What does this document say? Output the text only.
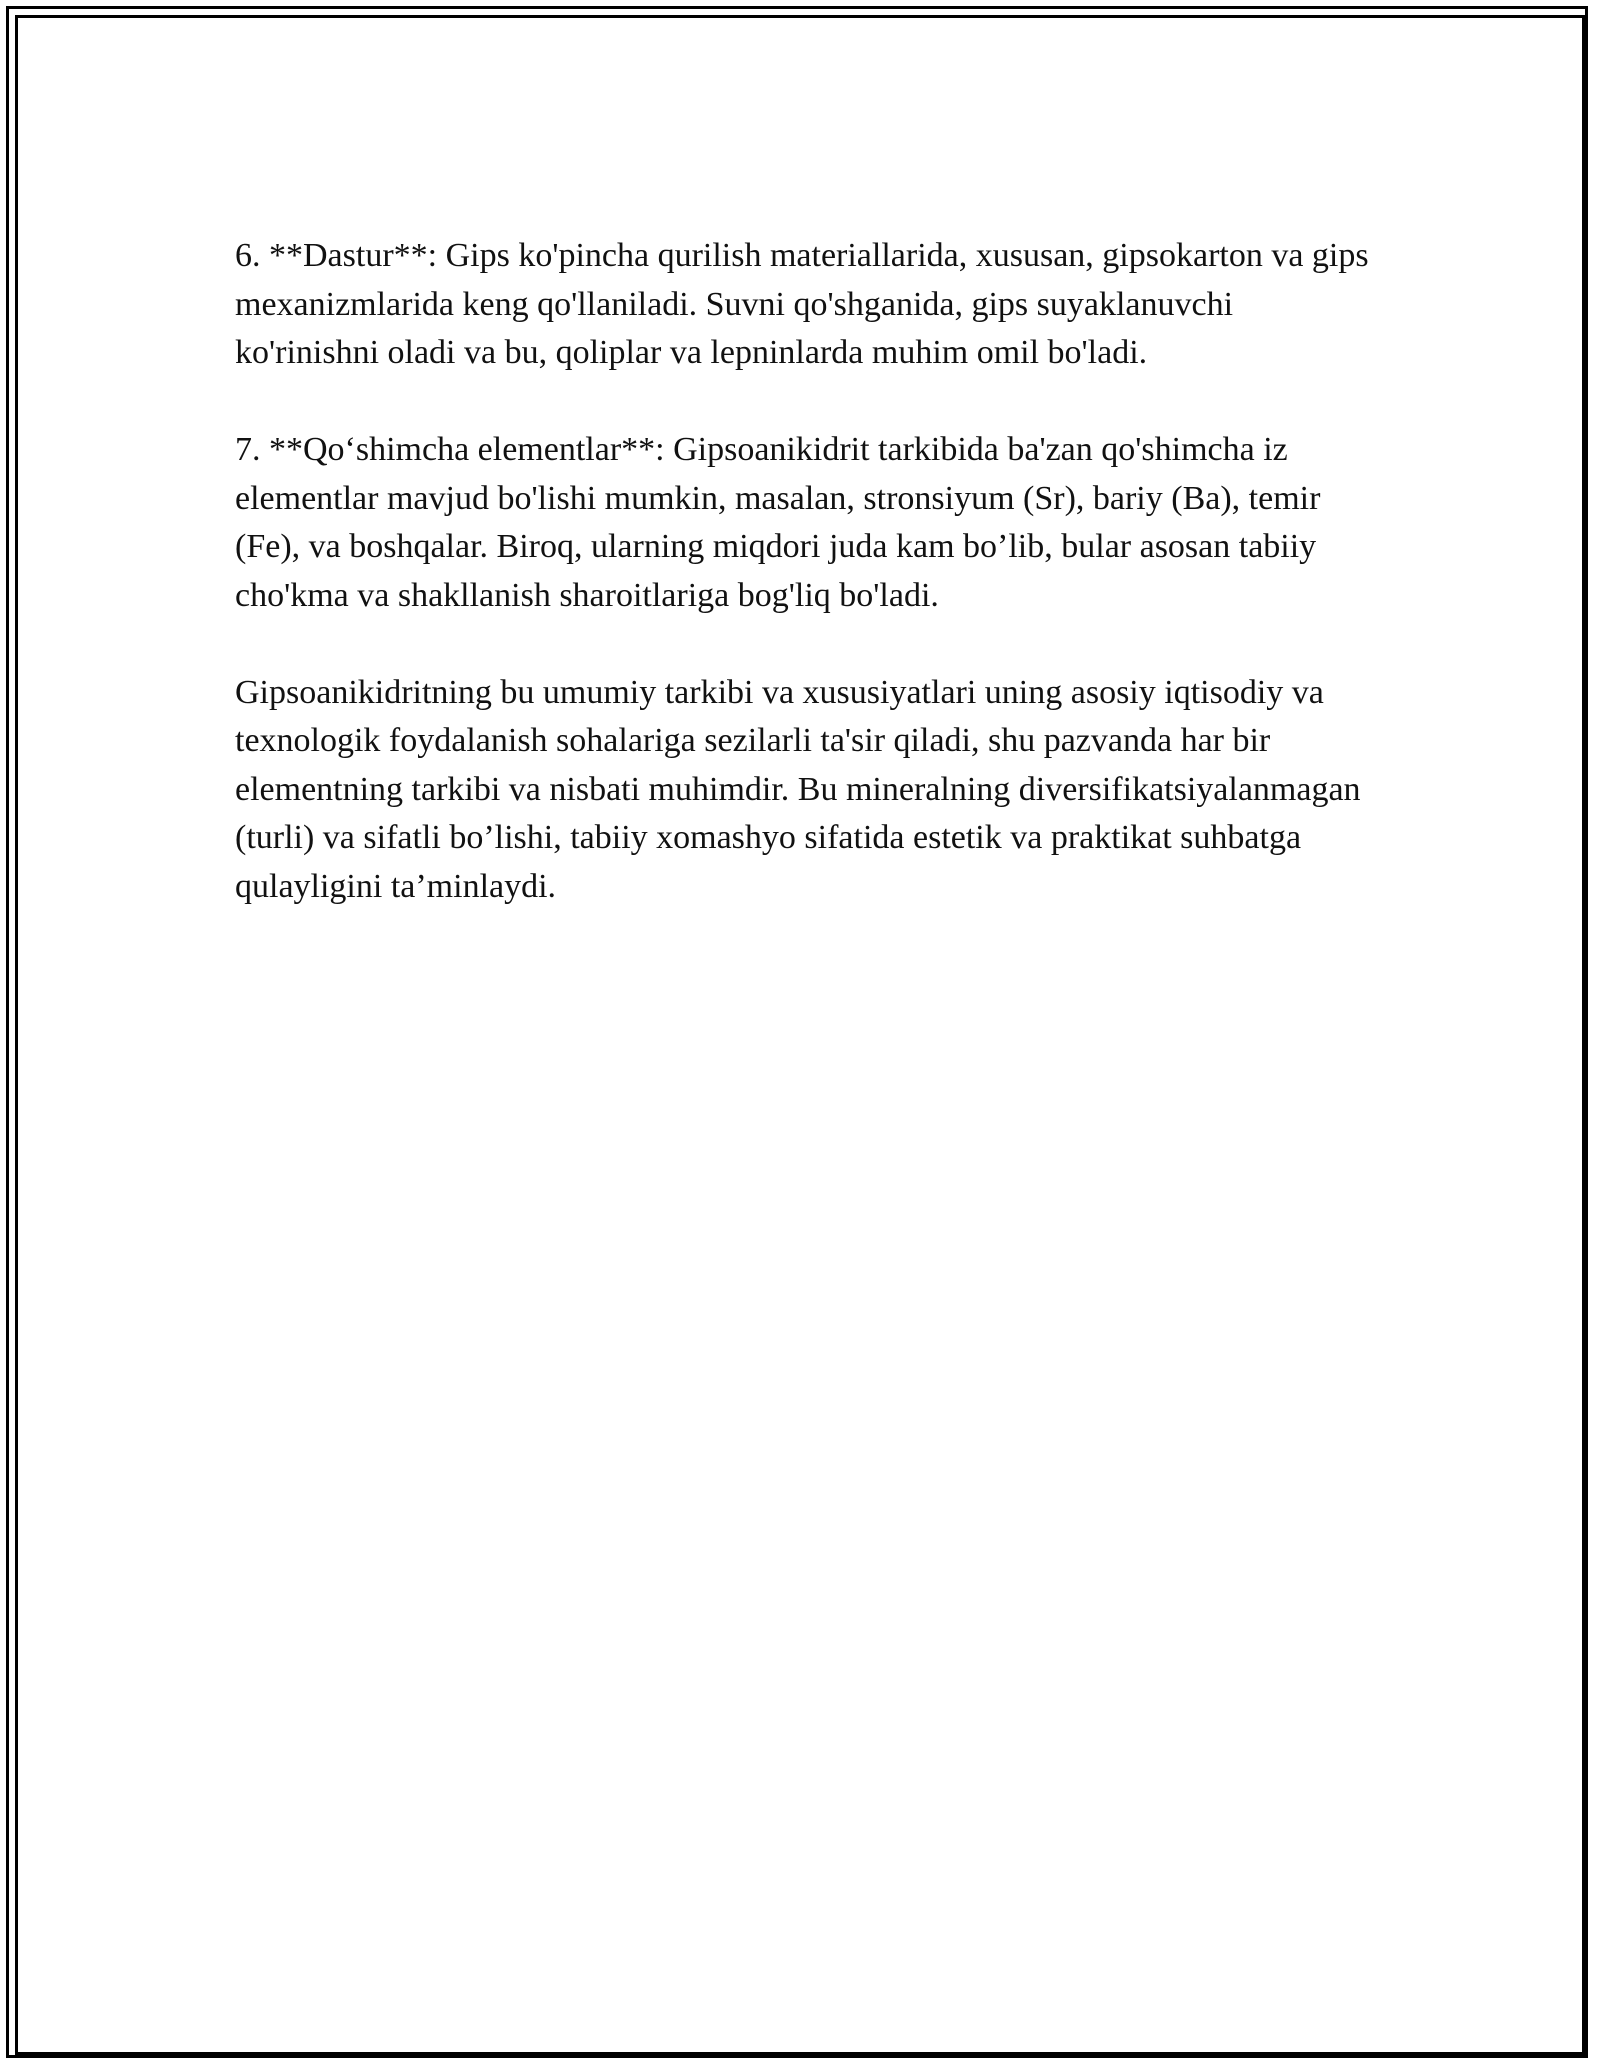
6. **Dastur**: Gips ko'pincha qurilish materiallarida, xususan, gipsokarton va gips mexanizmlarida keng qo'llaniladi. Suvni qo'shganida, gips suyaklanuvchi ko'rinishni oladi va bu, qoliplar va lepninlarda muhim omil bo'ladi.

7. **Qo‘shimcha elementlar**: Gipsoanikidrit tarkibida ba'zan qo'shimcha iz elementlar mavjud bo'lishi mumkin, masalan, stronsiyum (Sr), bariy (Ba), temir (Fe), va boshqalar. Biroq, ularning miqdori juda kam bo’lib, bular asosan tabiiy cho'kma va shakllanish sharoitlariga bog'liq bo'ladi.

Gipsoanikidritning bu umumiy tarkibi va xususiyatlari uning asosiy iqtisodiy va texnologik foydalanish sohalariga sezilarli ta'sir qiladi, shu pazvanda har bir elementning tarkibi va nisbati muhimdir. Bu mineralning diversifikatsiyalanmagan (turli) va sifatli bo’lishi, tabiiy xomashyo sifatida estetik va praktikat suhbatga qulayligini ta’minlaydi.
